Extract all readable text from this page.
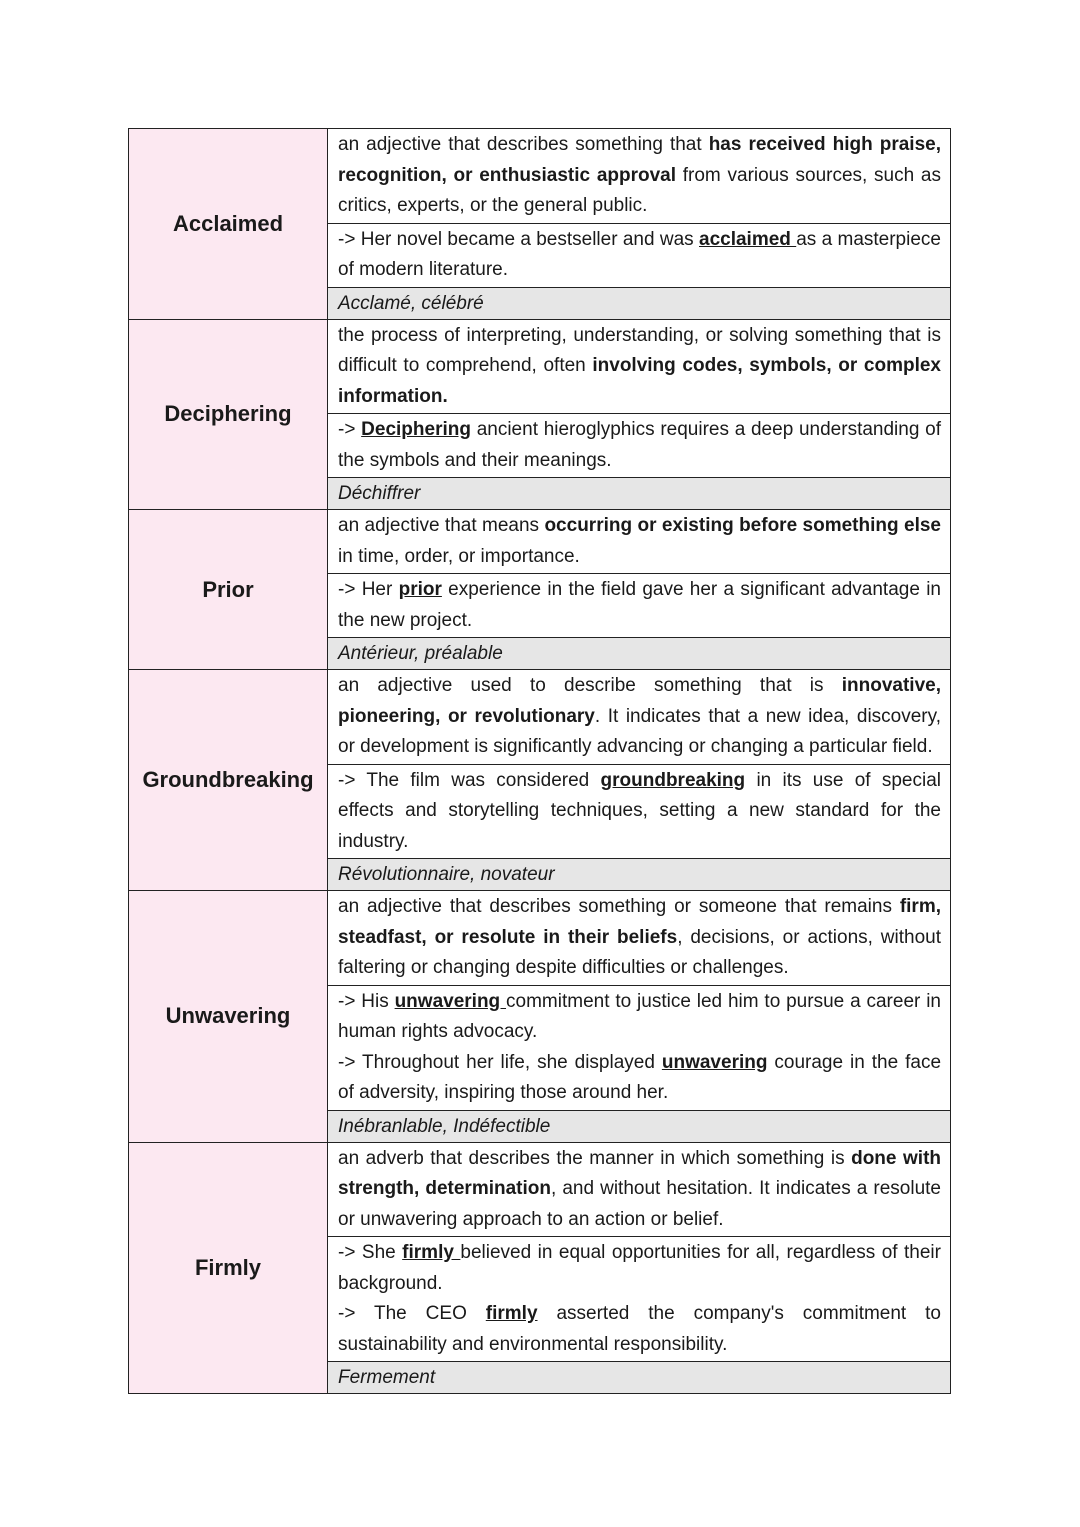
Acclaimed	an adjective that describes something that has received high praise, recognition, or enthusiastic approval from various sources, such as critics, experts, or the general public.

	-> Her novel became a bestseller and was acclaimed as a masterpiece of modern literature.

	Acclamé, célébré
Deciphering	the process of interpreting, understanding, or solving something that is difficult to comprehend, often involving codes, symbols, or complex information.

	-> Deciphering ancient hieroglyphics requires a deep understanding of the symbols and their meanings.

	Déchiffrer
Prior	an adjective that means occurring or existing before something else in time, order, or importance.

	-> Her prior experience in the field gave her a significant advantage in the new project.

	Antérieur, préalable
Groundbreaking	an adjective used to describe something that is innovative, pioneering, or revolutionary. It indicates that a new idea, discovery, or development is significantly advancing or changing a particular field.

	-> The film was considered groundbreaking in its use of special effects and storytelling techniques, setting a new standard for the industry.

	Révolutionnaire, novateur
Unwavering	an adjective that describes something or someone that remains firm, steadfast, or resolute in their beliefs, decisions, or actions, without faltering or changing despite difficulties or challenges.

	-> His unwavering commitment to justice led him to pursue a career in human rights advocacy.
-> Throughout her life, she displayed unwavering courage in the face of adversity, inspiring those around her.

	Inébranlable, Indéfectible
Firmly	an adverb that describes the manner in which something is done with strength, determination, and without hesitation. It indicates a resolute or unwavering approach to an action or belief.

	-> She firmly believed in equal opportunities for all, regardless of their background.
-> The CEO firmly asserted the company's commitment to sustainability and environmental responsibility.

	Fermement
